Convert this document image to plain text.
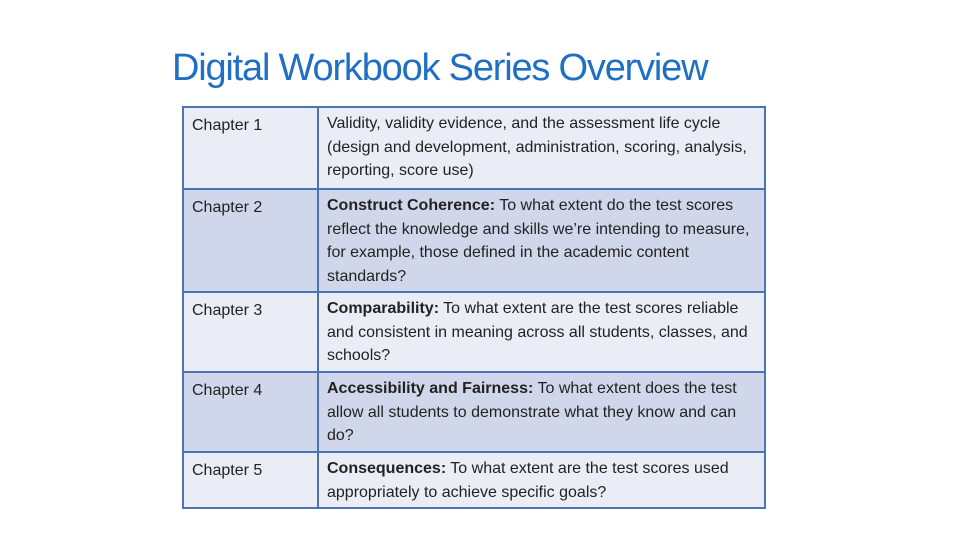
Digital Workbook Series Overview
Chapter 1	Validity, validity evidence, and the assessment life cycle (design and development, administration, scoring, analysis, reporting, score use)
Chapter 2	Construct Coherence: To what extent do the test scores reflect the knowledge and skills we’re intending to measure, for example, those defined in the academic content standards?
Chapter 3	Comparability: To what extent are the test scores reliable and consistent in meaning across all students, classes, and schools?
Chapter 4	Accessibility and Fairness: To what extent does the test allow all students to demonstrate what they know and can do?
Chapter 5	Consequences: To what extent are the test scores used appropriately to achieve specific goals?
